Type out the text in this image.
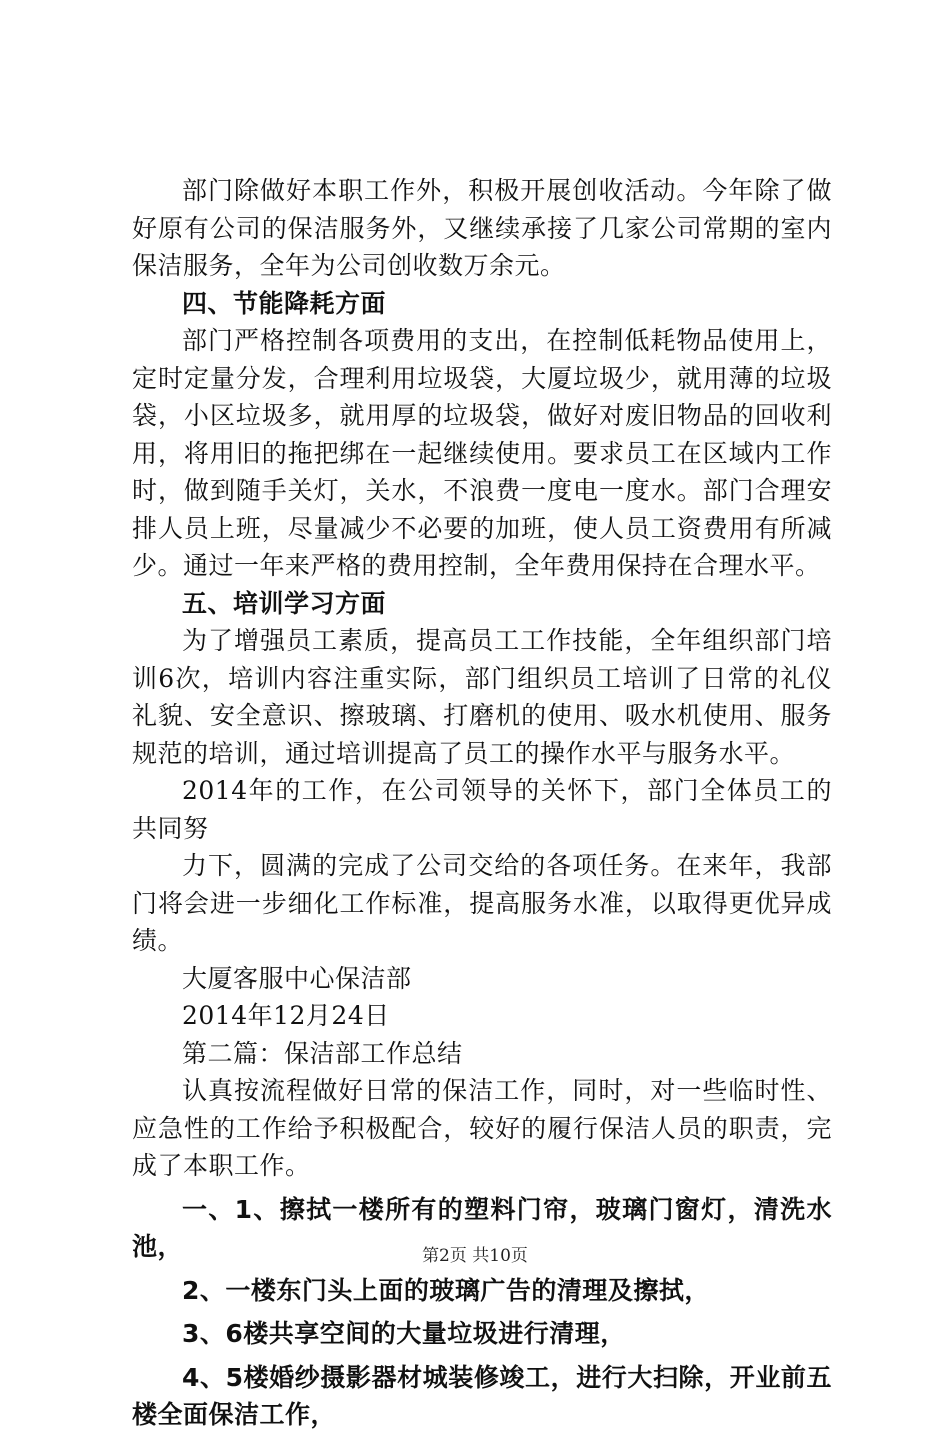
部门除做好本职工作外，积极开展创收活动。今年除了做好原有公司的保洁服务外，又继续承接了几家公司常期的室内保洁服务，全年为公司创收数万余元。

四、节能降耗方面

部门严格控制各项费用的支出，在控制低耗物品使用上，定时定量分发，合理利用垃圾袋，大厦垃圾少，就用薄的垃圾袋，小区垃圾多，就用厚的垃圾袋，做好对废旧物品的回收利用，将用旧的拖把绑在一起继续使用。要求员工在区域内工作时，做到随手关灯，关水，不浪费一度电一度水。部门合理安排人员上班，尽量减少不必要的加班，使人员工资费用有所减少。通过一年来严格的费用控制，全年费用保持在合理水平。

五、培训学习方面

为了增强员工素质，提高员工工作技能，全年组织部门培训6次，培训内容注重实际，部门组织员工培训了日常的礼仪礼貌、安全意识、擦玻璃、打磨机的使用、吸水机使用、服务规范的培训，通过培训提高了员工的操作水平与服务水平。

2014年的工作，在公司领导的关怀下，部门全体员工的共同努

力下，圆满的完成了公司交给的各项任务。在来年，我部门将会进一步细化工作标准，提高服务水准，以取得更优异成绩。

大厦客服中心保洁部

2014年12月24日

第二篇：保洁部工作总结

认真按流程做好日常的保洁工作，同时，对一些临时性、应急性的工作给予积极配合，较好的履行保洁人员的职责，完成了本职工作。

一、1、擦拭一楼所有的塑料门帘，玻璃门窗灯，清洗水池，

2、一楼东门头上面的玻璃广告的清理及擦拭，

3、6楼共享空间的大量垃圾进行清理，

4、5楼婚纱摄影器材城装修竣工，进行大扫除，开业前五楼全面保洁工作，

第2页 共10页
